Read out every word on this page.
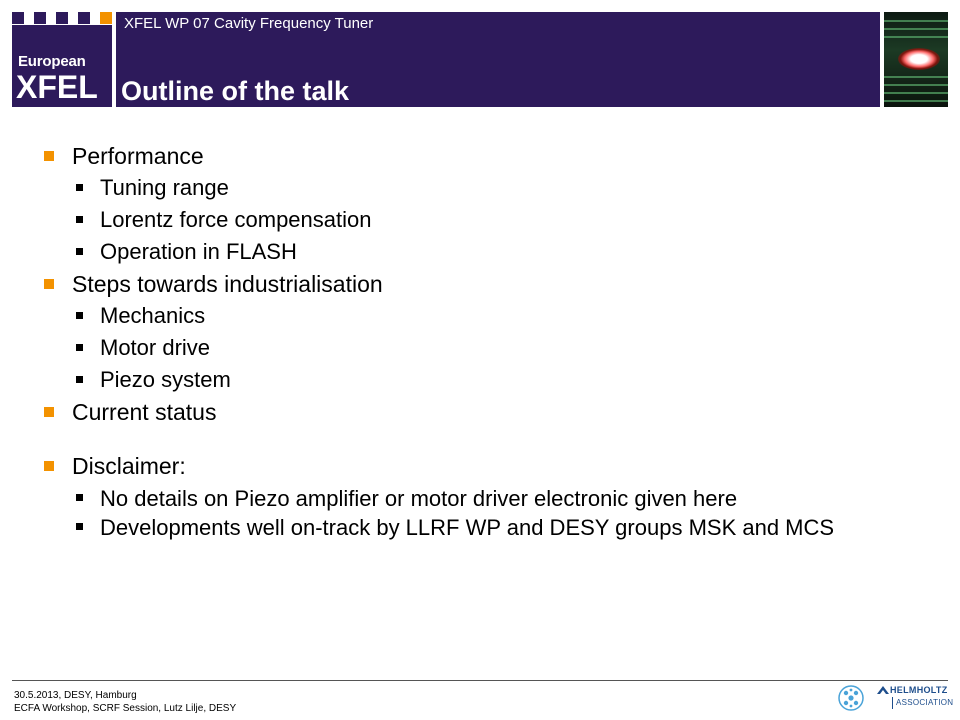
European
XFEL
XFEL WP 07 Cavity Frequency Tuner
Outline of the talk
Performance
Tuning range
Lorentz force compensation
Operation in FLASH
Steps towards industrialisation
Mechanics
Motor drive
Piezo system
Current status
Disclaimer:
No details on Piezo amplifier or motor driver electronic given here
Developments well on-track by LLRF WP and DESY groups MSK and MCS
30.5.2013, DESY, Hamburg
ECFA Workshop, SCRF Session, Lutz Lilje, DESY
HELMHOLTZ
ASSOCIATION
